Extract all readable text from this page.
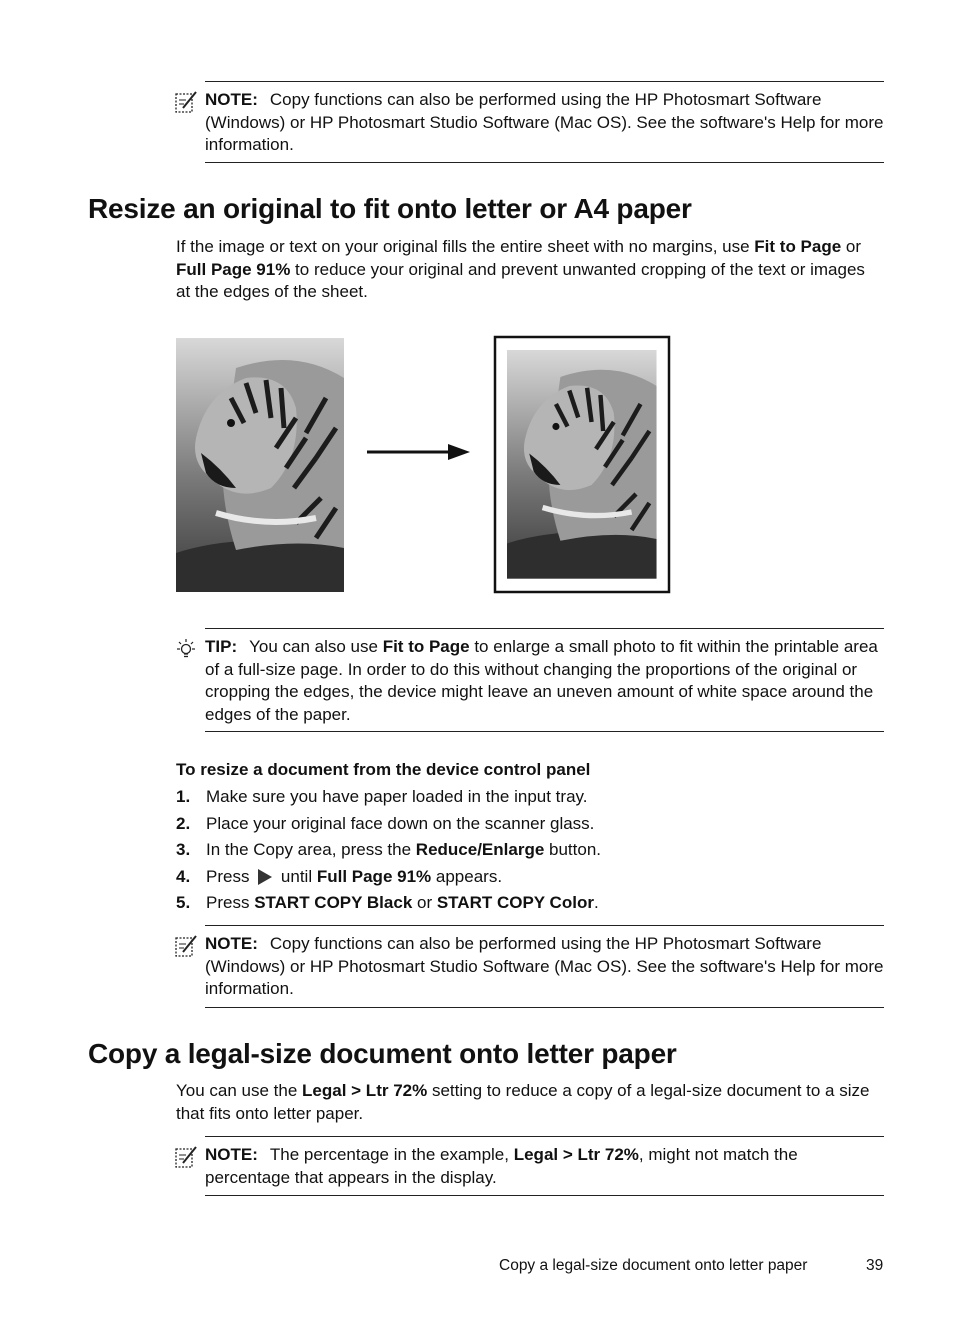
NOTE: Copy functions can also be performed using the HP Photosmart Software (Windows) or HP Photosmart Studio Software (Mac OS). See the software's Help for more information.
Resize an original to fit onto letter or A4 paper

If the image or text on your original fills the entire sheet with no margins, use Fit to Page or Full Page 91% to reduce your original and prevent unwanted cropping of the text or images at the edges of the sheet.

TIP: You can also use Fit to Page to enlarge a small photo to fit within the printable area of a full-size page. In order to do this without changing the proportions of the original or cropping the edges, the device might leave an uneven amount of white space around the edges of the paper.

To resize a document from the device control panel

1. Make sure you have paper loaded in the input tray.
2. Place your original face down on the scanner glass.
3. In the Copy area, press the Reduce/Enlarge button.
4. Press  until Full Page 91% appears.
5. Press START COPY Black or START COPY Color.
NOTE: Copy functions can also be performed using the HP Photosmart Software (Windows) or HP Photosmart Studio Software (Mac OS). See the software's Help for more information.
Copy a legal-size document onto letter paper

You can use the Legal > Ltr 72% setting to reduce a copy of a legal-size document to a size that fits onto letter paper.

NOTE: The percentage in the example, Legal > Ltr 72%, might not match the percentage that appears in the display.
Copy a legal-size document onto letter paper	39
